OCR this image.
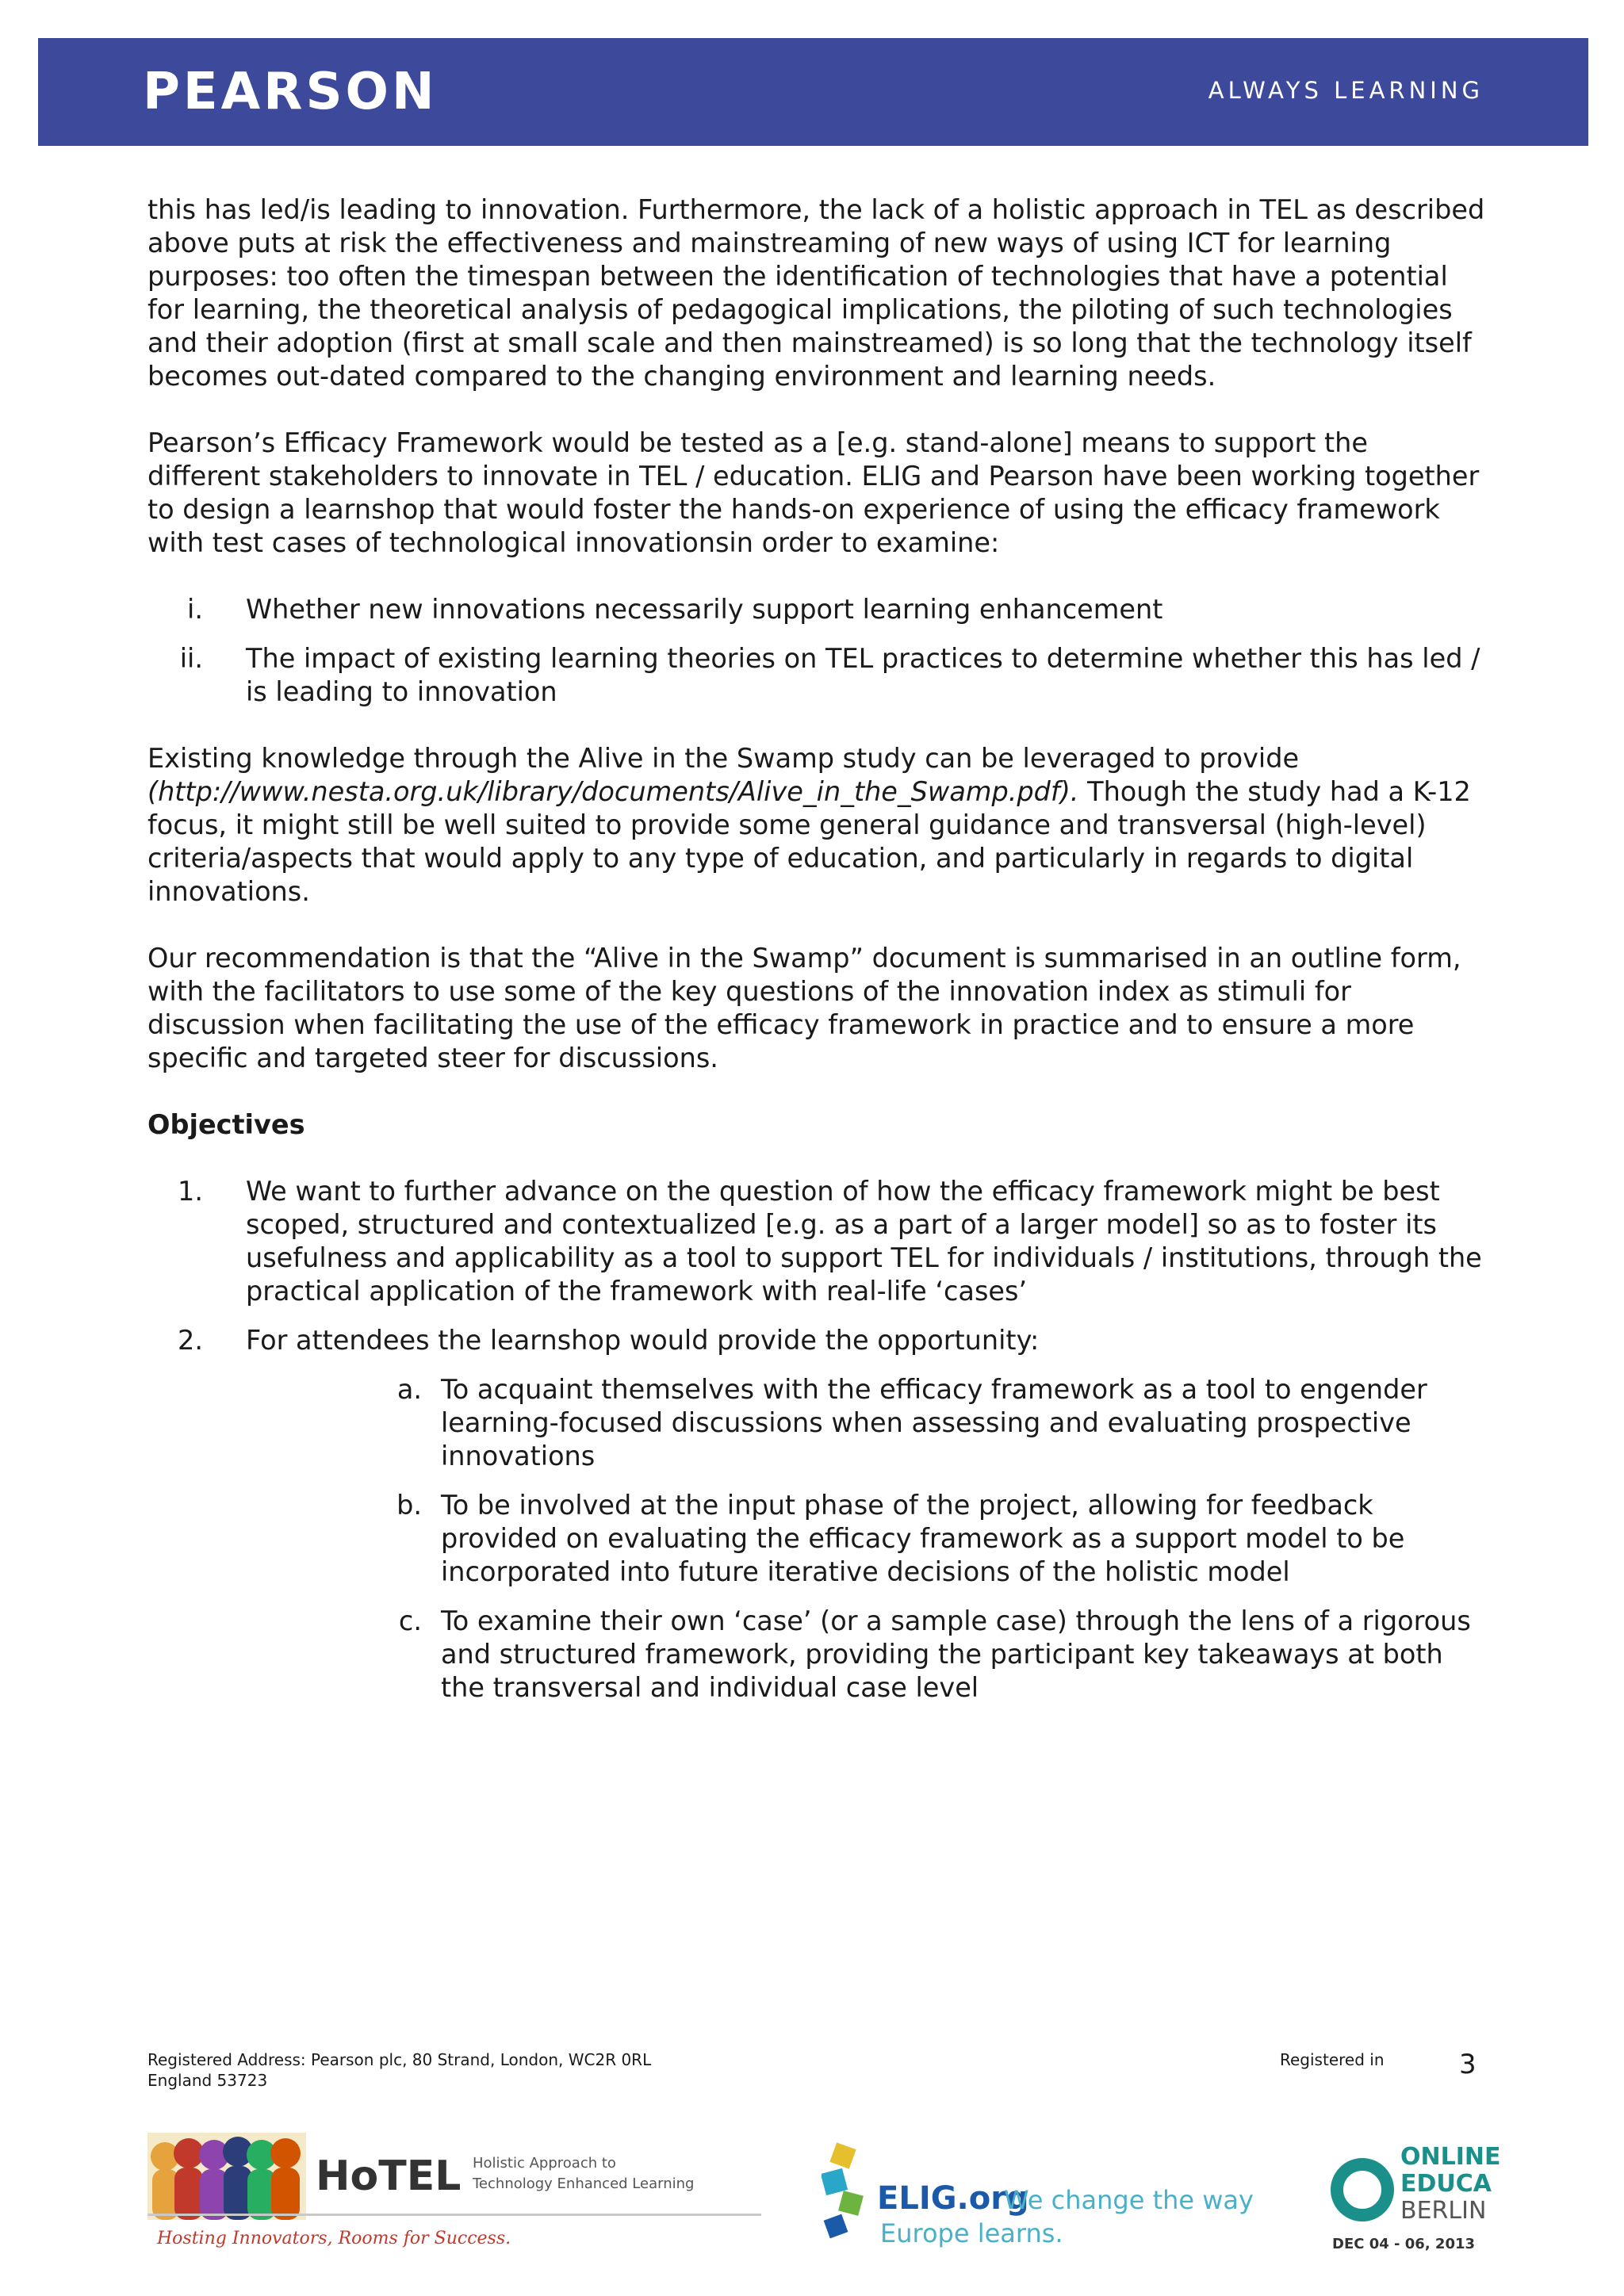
PEARSON	ALWAYS LEARNING

this has led/is leading to innovation. Furthermore, the lack of a holistic approach in TEL as described above puts at risk the effectiveness and mainstreaming of new ways of using ICT for learning purposes: too often the timespan between the identification of technologies that have a potential for learning, the theoretical analysis of pedagogical implications, the piloting of such technologies and their adoption (first at small scale and then mainstreamed) is so long that the technology itself becomes out-dated compared to the changing environment and learning needs.

Pearson’s Efficacy Framework would be tested as a [e.g. stand-alone] means to support the different stakeholders to innovate in TEL / education. ELIG and Pearson have been working together to design a learnshop that would foster the hands-on experience of using the efficacy framework with test cases of technological innovationsin order to examine:

i. Whether new innovations necessarily support learning enhancement
ii. The impact of existing learning theories on TEL practices to determine whether this has led / is leading to innovation

Existing knowledge through the Alive in the Swamp study can be leveraged to provide
(http://www.nesta.org.uk/library/documents/Alive_in_the_Swamp.pdf). Though the study had a K-12 focus, it might still be well suited to provide some general guidance and transversal (high-level) criteria/aspects that would apply to any type of education, and particularly in regards to digital innovations.

Our recommendation is that the “Alive in the Swamp” document is summarised in an outline form, with the facilitators to use some of the key questions of the innovation index as stimuli for discussion when facilitating the use of the efficacy framework in practice and to ensure a more specific and targeted steer for discussions.

Objectives
1. We want to further advance on the question of how the efficacy framework might be best scoped, structured and contextualized [e.g. as a part of a larger model] so as to foster its usefulness and applicability as a tool to support TEL for individuals / institutions, through the practical application of the framework with real-life ‘cases’
2. For attendees the learnshop would provide the opportunity:
a. To acquaint themselves with the efficacy framework as a tool to engender learning-focused discussions when assessing and evaluating prospective innovations
b. To be involved at the input phase of the project, allowing for feedback provided on evaluating the efficacy framework as a support model to be incorporated into future iterative decisions of the holistic model
c. To examine their own ‘case’ (or a sample case) through the lens of a rigorous and structured framework, providing the participant key takeaways at both the transversal and individual case level
Registered Address: Pearson plc, 80 Strand, London, WC2R 0RL
England 53723
Registered in	3
HoTEL Holistic Approach to
Technology Enhanced Learning
Hosting Innovators, Rooms for Success.
ELIG.org
We change the way
Europe learns.
ONLINE
EDUCA
BERLIN
DEC 04 - 06, 2013
